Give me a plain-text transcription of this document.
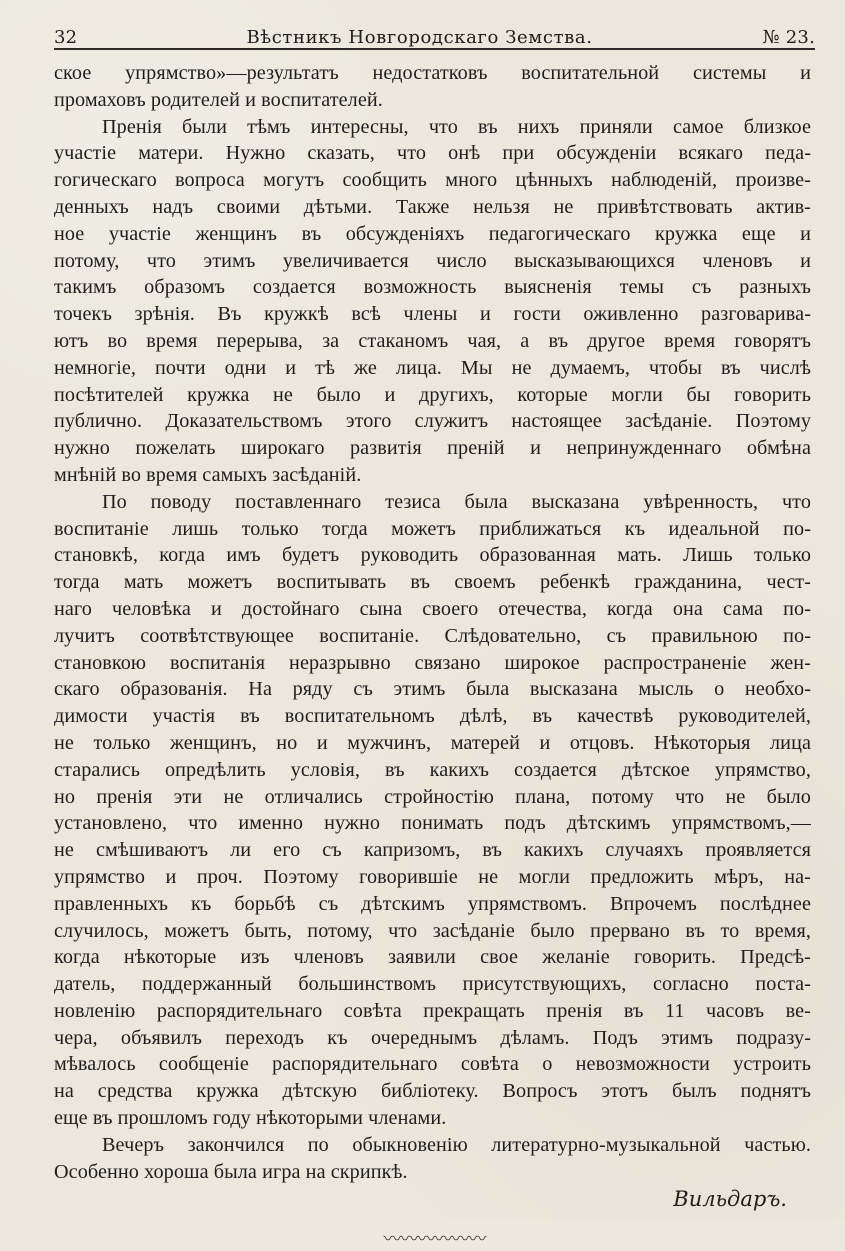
32	Вѣстникъ Новгородскаго Земства.	№ 23.
ское упрямство»—результатъ недостатковъ воспитательной системы и
промаховъ родителей и воспитателей.
Пренія были тѣмъ интересны, что въ нихъ приняли самое близкое
участіе матери. Нужно сказать, что онѣ при обсужденіи всякаго педа-
гогическаго вопроса могутъ сообщить много цѣнныхъ наблюденій, произве-
денныхъ надъ своими дѣтьми. Также нельзя не привѣтствовать актив-
ное участіе женщинъ въ обсужденіяхъ педагогическаго кружка еще и
потому, что этимъ увеличивается число высказывающихся членовъ и
такимъ образомъ создается возможность выясненія темы съ разныхъ
точекъ зрѣнія. Въ кружкѣ всѣ члены и гости оживленно разговарива-
ютъ во время перерыва, за стаканомъ чая, а въ другое время говорятъ
немногіе, почти одни и тѣ же лица. Мы не думаемъ, чтобы въ числѣ
посѣтителей кружка не было и другихъ, которые могли бы говорить
публично. Доказательствомъ этого служитъ настоящее засѣданіе. Поэтому
нужно пожелать широкаго развитія преній и непринужденнаго обмѣна
мнѣній во время самыхъ засѣданій.
По поводу поставленнаго тезиса была высказана увѣренность, что
воспитаніе лишь только тогда можетъ приближаться къ идеальной по-
становкѣ, когда имъ будетъ руководить образованная мать. Лишь только
тогда мать можетъ воспитывать въ своемъ ребенкѣ гражданина, чест-
наго человѣка и достойнаго сына своего отечества, когда она сама по-
лучитъ соотвѣтствующее воспитаніе. Слѣдовательно, съ правильною по-
становкою воспитанія неразрывно связано широкое распространеніе жен-
скаго образованія. На ряду съ этимъ была высказана мысль о необхо-
димости участія въ воспитательномъ дѣлѣ, въ качествѣ руководителей,
не только женщинъ, но и мужчинъ, матерей и отцовъ. Нѣкоторыя лица
старались опредѣлить условія, въ какихъ создается дѣтское упрямство,
но пренія эти не отличались стройностію плана, потому что не было
установлено, что именно нужно понимать подъ дѣтскимъ упрямствомъ,—
не смѣшиваютъ ли его съ капризомъ, въ какихъ случаяхъ проявляется
упрямство и проч. Поэтому говорившіе не могли предложить мѣръ, на-
правленныхъ къ борьбѣ съ дѣтскимъ упрямствомъ. Впрочемъ послѣднее
случилось, можетъ быть, потому, что засѣданіе было прервано въ то время,
когда нѣкоторые изъ членовъ заявили свое желаніе говорить. Предсѣ-
датель, поддержанный большинствомъ присутствующихъ, согласно поста-
новленію распорядительнаго совѣта прекращать пренія въ 11 часовъ ве-
чера, объявилъ переходъ къ очереднымъ дѣламъ. Подъ этимъ подразу-
мѣвалось сообщеніе распорядительнаго совѣта о невозможности устроить
на средства кружка дѣтскую библіотеку. Вопросъ этотъ былъ поднятъ
еще въ прошломъ году нѣкоторыми членами.
Вечеръ закончился по обыкновенію литературно-музыкальной частью.
Особенно хороша была игра на скрипкѣ.
Вильдаръ.
〰〰〰〰〰〰
